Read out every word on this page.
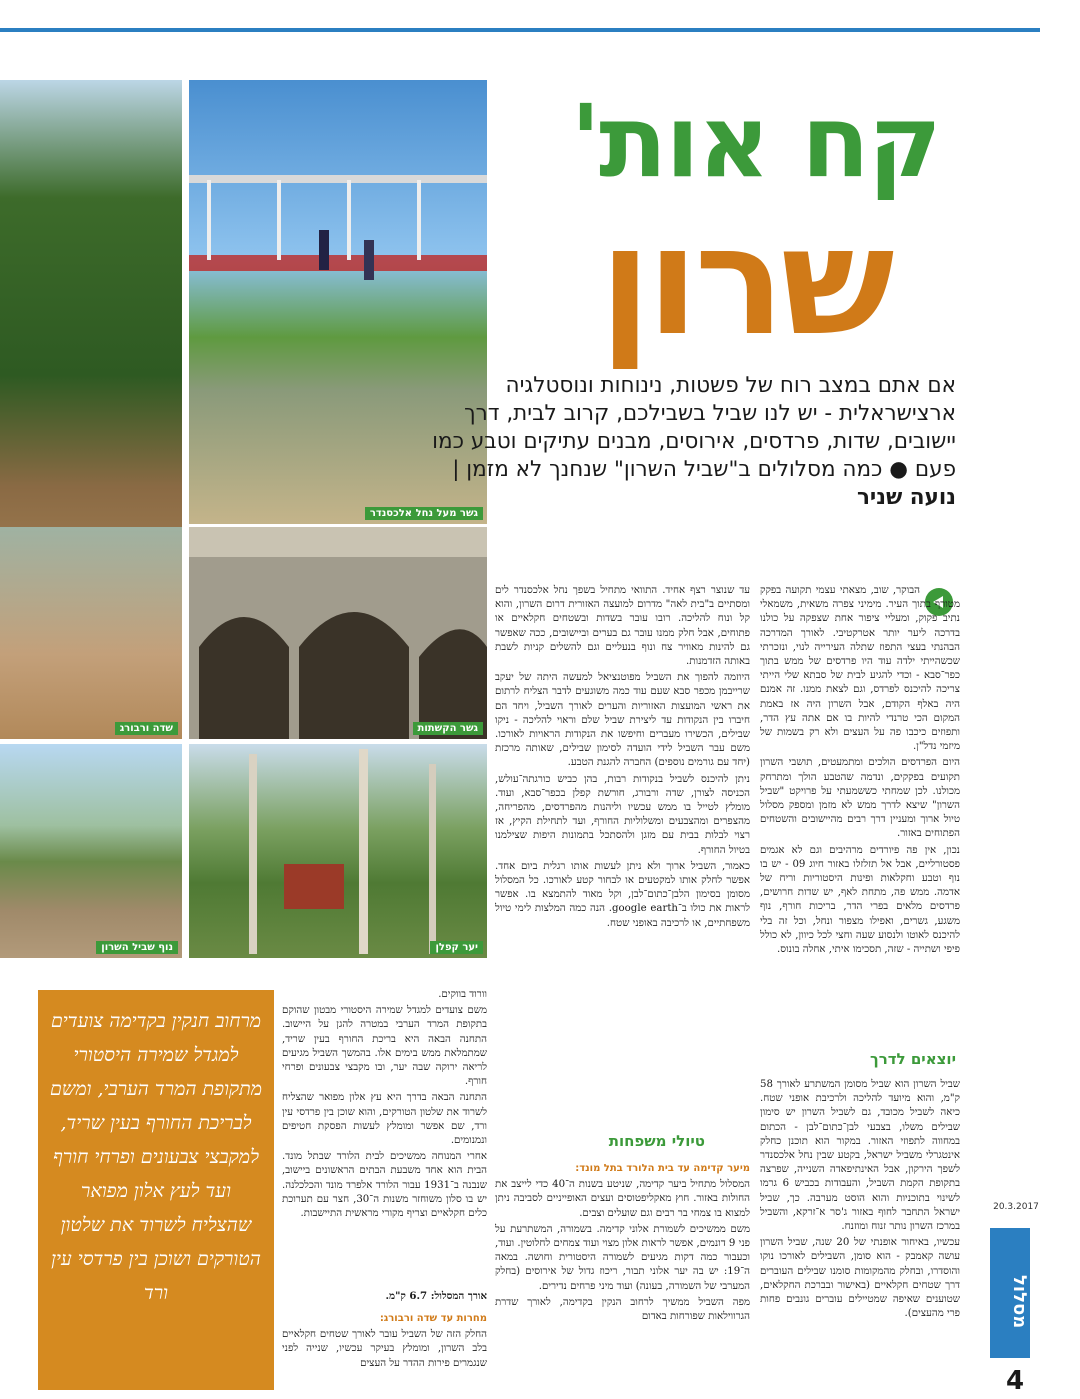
גשר מעל נחל אלכסנדר
שדה ורבורג	גשר הקשתות
נוף שביל השרון	יער קפלן
קח אות'
שרון
אם אתם במצב רוח של פשטות, נינוחות ונוסטלגיה ארצישראלית - יש לנו שביל בשבילכם, קרוב לבית, דרך יישובים, שדות, פרדסים, אירוסים, מבנים עתיקים וטבע כמו פעם ● כמה מסלולים ב"שביל השרון" שנחנך לא מזמן | נועה שניר

הבוקר, שוב, מצאתי עצמי תקועה בפקק מטורף בתוך העיר. מימיני צפרה משאית, משמאלי נתיב פקוק, ומעליי ציפור אחת שצפקה על כולנו בדרכה ליער יותר אטרקטיבי. לאורך המדרכה הבהנתי בעצי התפוז שתלה העירייה לנוי, ונזכרתי שכשהייתי ילדה עוד היו פרדסים של ממש בתוך כפר־סבא - וכדי להגיע לבית של סבתא שלי הייתי צריכה להיכנס לפרדס, וגם לצאת ממנו. זה אמנם היה באלף הקודם, אבל השרון היה אז באמת המקום הכי טרנדי להיות בו אם אתה עץ הדר, ותפוזים כיכבו פה על העצים ולא רק בשמות של מיזמי נדל"ן.

היום הפרדסים הולכים ומתמעטים, תושבי השרון תקועים בפקקים, ונדמה שהטבע הולך ומתרחק מכולנו. לכן שמחתי כששמעתי על פרויקט "שביל השרון" שיצא לדרך ממש לא מזמן ומספק מסלול טיול ארוך ומעניין דרך רבים מהיישובים והשטחים הפתוחים באזור.

נכון, אין פה פיורדים מרהיבים וגם לא אגמים פסטורליים, אבל אל תזלזלו באזור חיוג 09 - יש בו נוף וטבע וחקלאות ופינות היסטוריות וריח של אדמה. ממש פה, מתחת לאף, יש שדות חרושים, פרדסים מלאים בפרי הדר, בריכות חורף, נוף משגע, גשרים, ואפילו מצפור ונחל, וכל זה בלי להיכנס לאוטו ולנסוע שעה וחצי לכל כיוון, לא כולל פיפי ושתייה - שזה, תסכימו איתי, אחלה בונוס.

יוצאים לדרך

שביל השרון הוא שביל מסומן המשתרע לאורך 58 ק"מ, והוא מיועד להליכה ולרכיבת אופני שטח. כיאה לשביל מכובד, גם לשביל השרון יש סימון שבילים משלו, בצבעי לבן־כתום־לבן - הכתום במחווה לתפוזי האזור. במקור הוא תוכנן כחלק אינטגרלי משביל ישראל, בקטע שבין נחל אלכסנדר לשפך הירקון, אבל האינתיפאדה השנייה, שפרצה בתקופת הקמת השביל, והעבודות בכביש 6 גרמו לשינוי בתוכניות והוא הוסט מערבה. כך, שביל ישראל התחבר לחוף באזור ג'סר א־זרקא, והשביל במרכז השרון נותר זנוח ומוזנח.

עכשיו, באיחור אופנתי של 20 שנה, שביל השרון עושה קאמבק - הוא סומן, השבילים לאורכו נוקו והוסדרו, ובחלק מהמקומות סומנו שבילים העוברים דרך שטחים חקלאיים (באישור ובברכת החקלאים, שטוענים שאיפה שמטיילים עוברים גונבים פחות פרי מהעצים).

עד שנוצר רצף אחיד. התוואי מתחיל בשפך נחל אלכסנדר לים ומסתיים ב"בית לאה" מדרום למועצה האזורית דרום השרון, והוא קל ונוח להליכה. רובו עובר בשדות ובשטחים חקלאיים או פתוחים, אבל חלק ממנו עובר גם בערים וביישובים, ככה שאפשר גם להינות מאוויר צח ונוף בנעליים וגם להשלים קניות לשבת באותה הזדמנות.

היוזמה להפוך את השביל מפוטנציאל למעשה היתה של יעקב שרייבמן מכפר סבא שעם עוד כמה משוגעים לדבר הצליח לרתום את ראשי המועצות האזוריות והערים לאורך השביל, ויחד הם חיברו בין הנקודות עד ליצירת שביל שלם וראוי להליכה - ניקו שבילים, הכשירו מעברים וחיפשו את הנקודות הראויות לאורכו. משם עבר השביל לידי הועדה לסימון שבילים, שאותה מרכזת (יחד עם גורמים נוספים) החברה להגנת הטבע.

ניתן להיכנס לשביל בנקודות רבות, בהן כביש כורגתה־עולש, הכניסה לצורן, שדה ורבורג, חורשת קפלן בכפר־סבא, ועוד. מומלץ לטייל בו ממש עכשיו וליהנות מהפרדסים, מהפריחה, מהצפרים ומהצבעים ומשלוליות החורף, ועד לתחילת הקיץ, אז רצוי לבלות בבית עם מזגן ולהסתכל בתמונות היפות שצילמנו בטיול החורף.

כאמור, השביל ארוך ולא ניתן לעשות אותו רגלית ביום אחד. אפשר לחלק אותו למקטעים או לבחור קטע לאורכו. כל המסלול מסומן בסימון הלבן־כתום־לבן, וקל מאוד להתמצא בו. אפשר לראות את כולו ב־google earth. הנה כמה המלצות לימי טיול משפחתיים, או לרכיבה באופני שטח.

טיולי משפחות

מיער קדימה עד בית הלורד בתל מונד:

המסלול מתחיל ביער קדימה, שניטע בשנות ה־40 כדי לייצב את החולות באזור. חוץ מאקליפטוסים ועצים האופייניים לסביבה ניתן למצוא בו צמחי בר רבים וגם שועלים וצבים.

משם ממשיכים לשמורת אלוני קדימה. בשמורה, המשתרעת על פני 9 דונמים, אפשר לראות אלון מצוי ועוד צמחים לחלוטין. ועוד, וכעבור כמה דקות מגיעים לשמורה היסטורית וחושה. במאה ה־19: יש בה יער אלוני תבור, ריכוז גדול של אירוסים (בחלק המערבי של השמורה, בעונה) ועוד מיני פרחים נדירים.

מפה השביל ממשיך לרחוב הנקין בקדימה, לאורך שדרת הגרווילאות שפורחות באדום

וורוד בווקים.

משם צועדים למגדל שמירה היסטורי מבטון שהוקם בתקופת המרד הערבי במטרה להגן על היישוב. התחנה הבאה היא בריכת החורף בעין שריד, שמתמלאת ממש בימים אלו. בהמשך השביל מגיעים לריאה ירוקה שבה יער, ובו מקבצי צבעונים ופרחי חורף.

התחנה הבאה בדרך היא עץ אלון מפואר שהצליח לשרוד את שלטון הטורקים, והוא שוכן בין פרדסי עין ורד, שם אפשר ומומלץ לעשות הפסקת חטיפים ונמנומים.

אחרי המנוחה ממשיכים לבית הלורד שבתל מונד. הבית הוא אחד משבעת הבתים הראשונים ביישוב, שנבנה ב־1931 עבור הלורד אלפרד מונד והכלכלנה. יש בו סלון משוחזר משנות ה־30, חצר עם תערוכת כלים חקלאיים וצריף מקורי מראשית התיישבות.

אורך המסלול: 6.7 ק"מ.

מחרות עד שדה ורבורג:

החלק הזה של השביל עובר לאורך שטחים חקלאיים בלב השרון, ומומלץ בעיקר עכשיו, שנייה לפני שנגמרים פירות ההדר על העצים

מרחוב חנקין בקדימה צועדים למגדל שמירה היסטורי מתקופת המרד הערבי, ומשם לבריכת החורף בעין שריד, למקבצי צבעונים ופרחי חורף ועד לעץ אלון מפואר שהצליח לשרוד את שלטון הטורקים ושוכן בין פרדסי עין ורד
20.3.2017
מסלול
4
